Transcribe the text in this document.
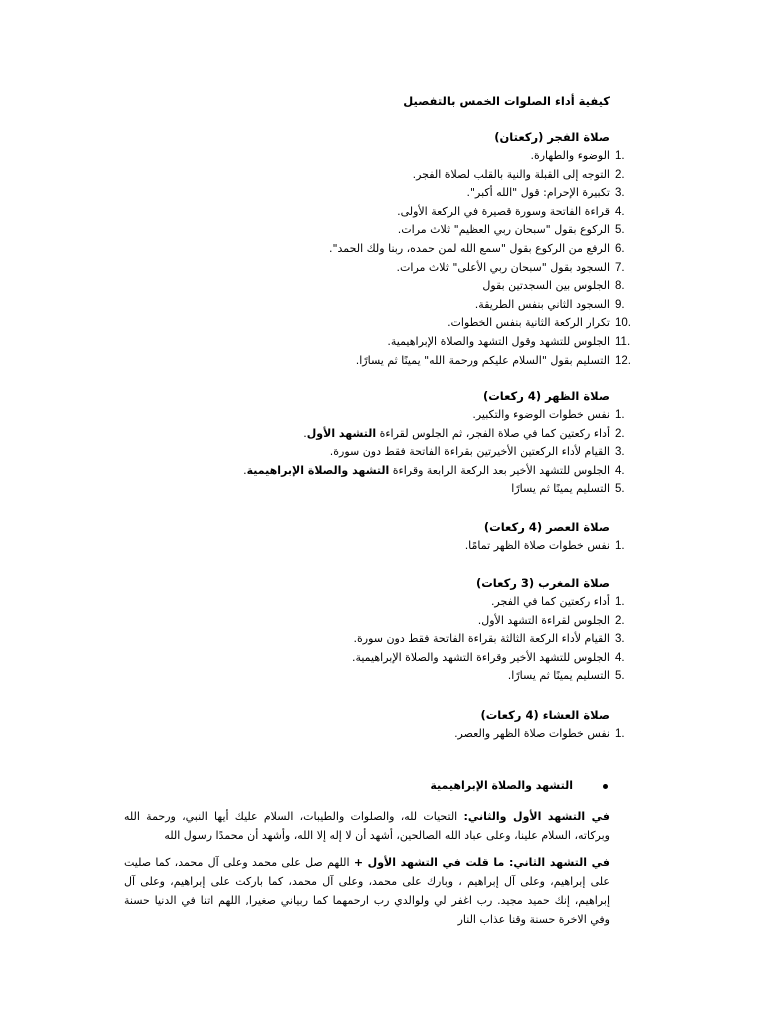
كيفية أداء الصلوات الخمس بالتفصيل
صلاة الفجر (ركعتان)
1.
الوضوء والطهارة.
2.
التوجه إلى القبلة والنية بالقلب لصلاة الفجر.
3.
تكبيرة الإحرام: قول "الله أكبر".
4.
قراءة الفاتحة وسورة قصيرة في الركعة الأولى.
5.
الركوع بقول "سبحان ربي العظيم" ثلاث مرات.
6.
الرفع من الركوع بقول "سمع الله لمن حمده، ربنا ولك الحمد".
7.
السجود بقول "سبحان ربي الأعلى" ثلاث مرات.
8.
الجلوس بين السجدتين بقول
9.
السجود الثاني بنفس الطريقة.
10.
تكرار الركعة الثانية بنفس الخطوات.
11.
الجلوس للتشهد وقول التشهد والصلاة الإبراهيمية.
12.
التسليم بقول "السلام عليكم ورحمة الله" يمينًا ثم يسارًا.
صلاة الظهر (4 ركعات)
1.
نفس خطوات الوضوء والتكبير.
2.
أداء ركعتين كما في صلاة الفجر، ثم الجلوس لقراءة التشهد الأول.
3.
القيام لأداء الركعتين الأخيرتين بقراءة الفاتحة فقط دون سورة.
4.
الجلوس للتشهد الأخير بعد الركعة الرابعة وقراءة التشهد والصلاة الإبراهيمية.
5.
التسليم يمينًا ثم يسارًا
صلاة العصر (4 ركعات)
1.
نفس خطوات صلاة الظهر تمامًا.
صلاة المغرب (3 ركعات)
1.
أداء ركعتين كما في الفجر.
2.
الجلوس لقراءة التشهد الأول.
3.
القيام لأداء الركعة الثالثة بقراءة الفاتحة فقط دون سورة.
4.
الجلوس للتشهد الأخير وقراءة التشهد والصلاة الإبراهيمية.
5.
التسليم يمينًا ثم يسارًا.
صلاة العشاء (4 ركعات)
1.
نفس خطوات صلاة الظهر والعصر.
التشهد والصلاة الإبراهيمية
في التشهد الأول والثاني: التحيات لله، والصلوات والطيبات، السلام عليك أيها النبي، ورحمة الله وبركاته، السلام علينا، وعلى عباد الله الصالحين، أشهد أن لا إله إلا الله، وأشهد أن محمدًا رسول الله
في التشهد الثاني: ما قلت في التشهد الأول + اللهم صل على محمد وعلى آل محمد، كما صليت على إبراهيم، وعلى آل إبراهيم ، وبارك على محمد، وعلى آل محمد، كما باركت على إبراهيم، وعلى آل إبراهيم، إنك حميد مجيد. رب اغفر لي ولوالدي رب ارحمهما كما ربياني صغيرا, اللهم اتنا في الدنيا حسنة وفي الاخرة حسنة وقنا عذاب النار
